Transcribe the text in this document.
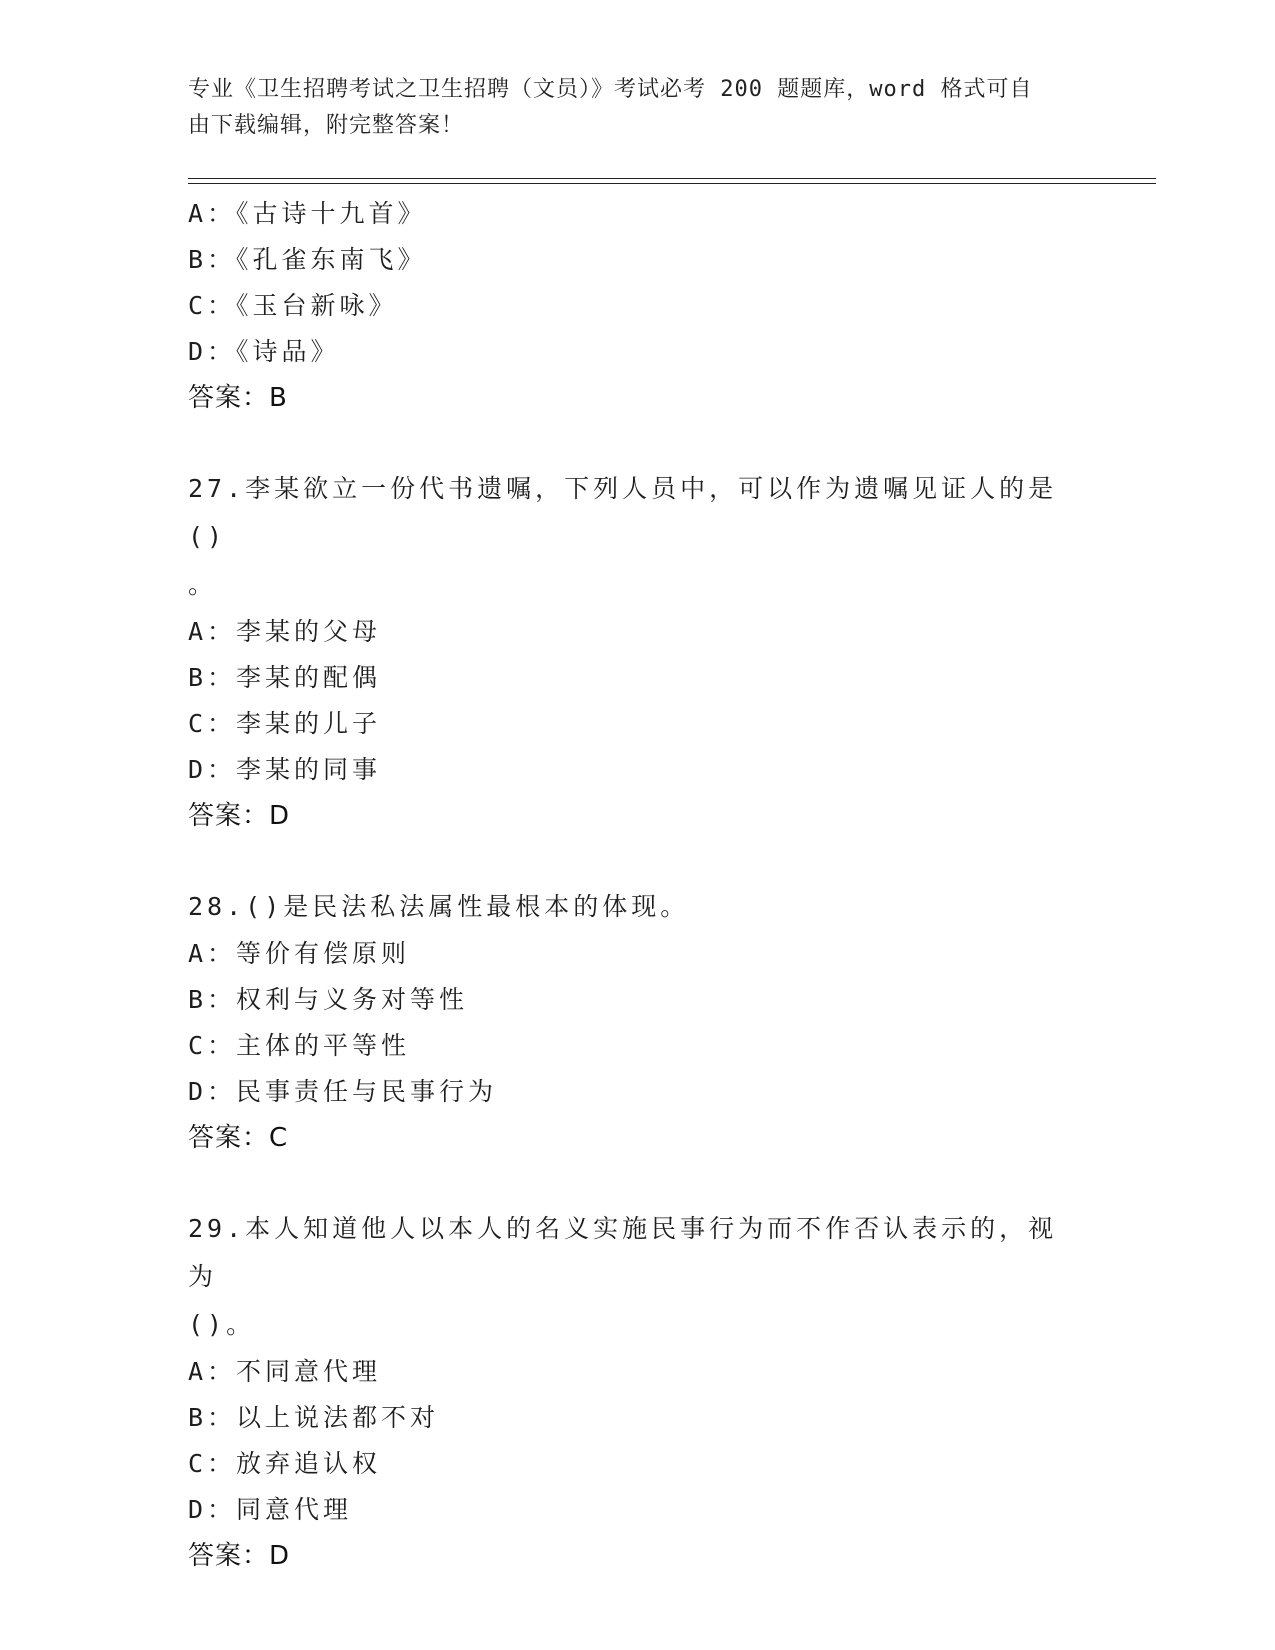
专业《卫生招聘考试之卫生招聘（文员）》考试必考 200 题题库，word 格式可自
由下载编辑，附完整答案！
A：《古诗十九首》
B：《孔雀东南飞》
C：《玉台新咏》
D：《诗品》
答案：B
27.李某欲立一份代书遗嘱，下列人员中，可以作为遗嘱见证人的是()
。
A：李某的父母
B：李某的配偶
C：李某的儿子
D：李某的同事
答案：D
28.()是民法私法属性最根本的体现。
A：等价有偿原则
B：权利与义务对等性
C：主体的平等性
D：民事责任与民事行为
答案：C
29.本人知道他人以本人的名义实施民事行为而不作否认表示的，视为
()。
A：不同意代理
B：以上说法都不对
C：放弃追认权
D：同意代理
答案：D
